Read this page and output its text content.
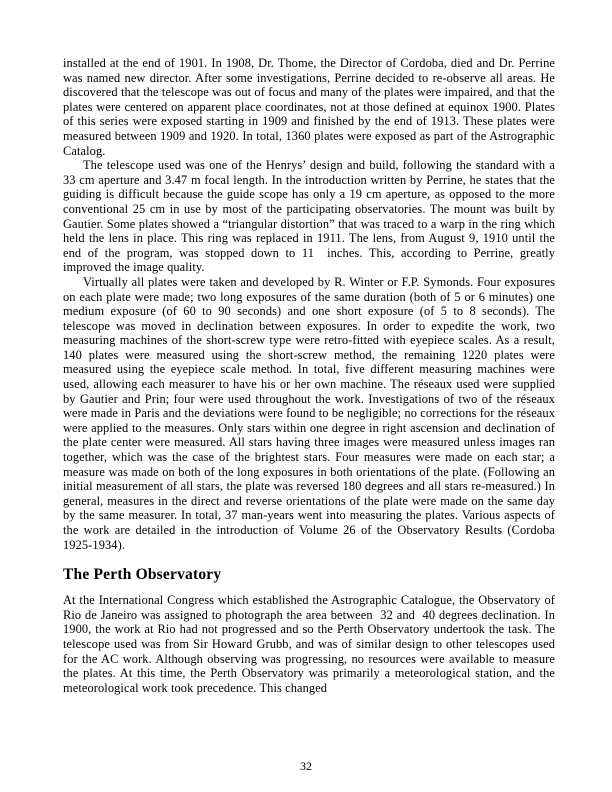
installed at the end of 1901. In 1908, Dr. Thome, the Director of Cordoba, died and Dr. Perrine was named new director. After some investigations, Perrine decided to re-observe all areas. He discovered that the telescope was out of focus and many of the plates were impaired, and that the plates were centered on apparent place coordinates, not at those defined at equinox 1900. Plates of this series were exposed starting in 1909 and finished by the end of 1913. These plates were measured between 1909 and 1920. In total, 1360 plates were exposed as part of the Astrographic Catalog.

The telescope used was one of the Henrys’ design and build, following the standard with a 33 cm aperture and 3.47 m focal length. In the introduction written by Perrine, he states that the guiding is difficult because the guide scope has only a 19 cm aperture, as opposed to the more conventional 25 cm in use by most of the participating observatories. The mount was built by Gautier. Some plates showed a “triangular distortion” that was traced to a warp in the ring which held the lens in place. This ring was replaced in 1911. The lens, from August 9, 1910 until the end of the program, was stopped down to 11  inches. This, according to Perrine, greatly improved the image quality.

Virtually all plates were taken and developed by R. Winter or F.P. Symonds. Four exposures on each plate were made; two long exposures of the same duration (both of 5 or 6 minutes) one medium exposure (of 60 to 90 seconds) and one short exposure (of 5 to 8 seconds). The telescope was moved in declination between exposures. In order to expedite the work, two measuring machines of the short-screw type were retro-fitted with eyepiece scales. As a result, 140 plates were measured using the short-screw method, the remaining 1220 plates were measured using the eyepiece scale method. In total, five different measuring machines were used, allowing each measurer to have his or her own machine. The réseaux used were supplied by Gautier and Prin; four were used throughout the work. Investigations of two of the réseaux were made in Paris and the deviations were found to be negligible; no corrections for the réseaux were applied to the measures. Only stars within one degree in right ascension and declination of the plate center were measured. All stars having three images were measured unless images ran together, which was the case of the brightest stars. Four measures were made on each star; a measure was made on both of the long exposures in both orientations of the plate. (Following an initial measurement of all stars, the plate was reversed 180 degrees and all stars re-measured.) In general, measures in the direct and reverse orientations of the plate were made on the same day by the same measurer. In total, 37 man-years went into measuring the plates. Various aspects of the work are detailed in the introduction of Volume 26 of the Observatory Results (Cordoba 1925-1934).

The Perth Observatory

At the International Congress which established the Astrographic Catalogue, the Observatory of Rio de Janeiro was assigned to photograph the area between  32 and  40 degrees declination. In 1900, the work at Rio had not progressed and so the Perth Observatory undertook the task. The telescope used was from Sir Howard Grubb, and was of similar design to other telescopes used for the AC work. Although observing was progressing, no resources were available to measure the plates. At this time, the Perth Observatory was primarily a meteorological station, and the meteorological work took precedence. This changed

32
